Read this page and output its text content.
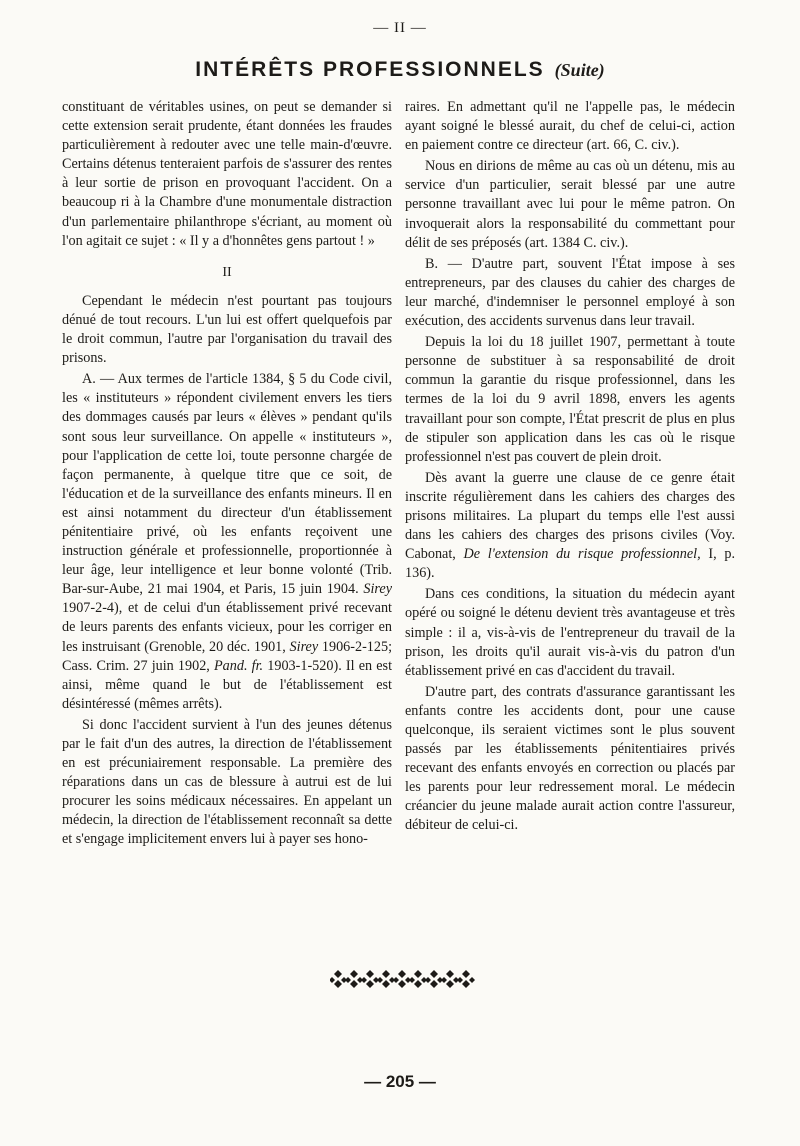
— II —
INTÉRÊTS PROFESSIONNELS (Suite)

constituant de véritables usines, on peut se demander si cette extension serait prudente, étant données les fraudes particulièrement à redouter avec une telle main-d'œuvre. Certains détenus tenteraient parfois de s'assurer des rentes à leur sortie de prison en provoquant l'accident. On a beaucoup ri à la Chambre d'une monumentale distraction d'un parlementaire philanthrope s'écriant, au moment où l'on agitait ce sujet : « Il y a d'honnêtes gens partout ! »

II

Cependant le médecin n'est pourtant pas toujours dénué de tout recours. L'un lui est offert quelquefois par le droit commun, l'autre par l'organisation du travail des prisons.

A. — Aux termes de l'article 1384, § 5 du Code civil, les « instituteurs » répondent civilement envers les tiers des dommages causés par leurs « élèves » pendant qu'ils sont sous leur surveillance. On appelle « instituteurs », pour l'application de cette loi, toute personne chargée de façon permanente, à quelque titre que ce soit, de l'éducation et de la surveillance des enfants mineurs. Il en est ainsi notamment du directeur d'un établissement pénitentiaire privé, où les enfants reçoivent une instruction générale et professionnelle, proportionnée à leur âge, leur intelligence et leur bonne volonté (Trib. Bar-sur-Aube, 21 mai 1904, et Paris, 15 juin 1904. Sirey 1907-2-4), et de celui d'un établissement privé recevant de leurs parents des enfants vicieux, pour les corriger en les instruisant (Grenoble, 20 déc. 1901, Sirey 1906-2-125; Cass. Crim. 27 juin 1902, Pand. fr. 1903-1-520). Il en est ainsi, même quand le but de l'établissement est désintéressé (mêmes arrêts).

Si donc l'accident survient à l'un des jeunes détenus par le fait d'un des autres, la direction de l'établissement en est précuniairement responsable. La première des réparations dans un cas de blessure à autrui est de lui procurer les soins médicaux nécessaires. En appelant un médecin, la direction de l'établissement reconnaît sa dette et s'engage implicitement envers lui à payer ses hono-

raires. En admettant qu'il ne l'appelle pas, le médecin ayant soigné le blessé aurait, du chef de celui-ci, action en paiement contre ce directeur (art. 66, C. civ.).

Nous en dirions de même au cas où un détenu, mis au service d'un particulier, serait blessé par une autre personne travaillant avec lui pour le même patron. On invoquerait alors la responsabilité du commettant pour délit de ses préposés (art. 1384 C. civ.).

B. — D'autre part, souvent l'État impose à ses entrepreneurs, par des clauses du cahier des charges de leur marché, d'indemniser le personnel employé à son exécution, des accidents survenus dans leur travail.

Depuis la loi du 18 juillet 1907, permettant à toute personne de substituer à sa responsabilité de droit commun la garantie du risque professionnel, dans les termes de la loi du 9 avril 1898, envers les agents travaillant pour son compte, l'État prescrit de plus en plus de stipuler son application dans les cas où le risque professionnel n'est pas couvert de plein droit.

Dès avant la guerre une clause de ce genre était inscrite régulièrement dans les cahiers des charges des prisons militaires. La plupart du temps elle l'est aussi dans les cahiers des charges des prisons civiles (Voy. Cabonat, De l'extension du risque professionnel, I, p. 136).

Dans ces conditions, la situation du médecin ayant opéré ou soigné le détenu devient très avantageuse et très simple : il a, vis-à-vis de l'entrepreneur du travail de la prison, les droits qu'il aurait vis-à-vis du patron d'un établissement privé en cas d'accident du travail.

D'autre part, des contrats d'assurance garantissant les enfants contre les accidents dont, pour une cause quelconque, ils seraient victimes sont le plus souvent passés par les établissements pénitentiaires privés recevant des enfants envoyés en correction ou placés par les parents pour leur redressement moral. Le médecin créancier du jeune malade aurait action contre l'assureur, débiteur de celui-ci.

— 205 —
